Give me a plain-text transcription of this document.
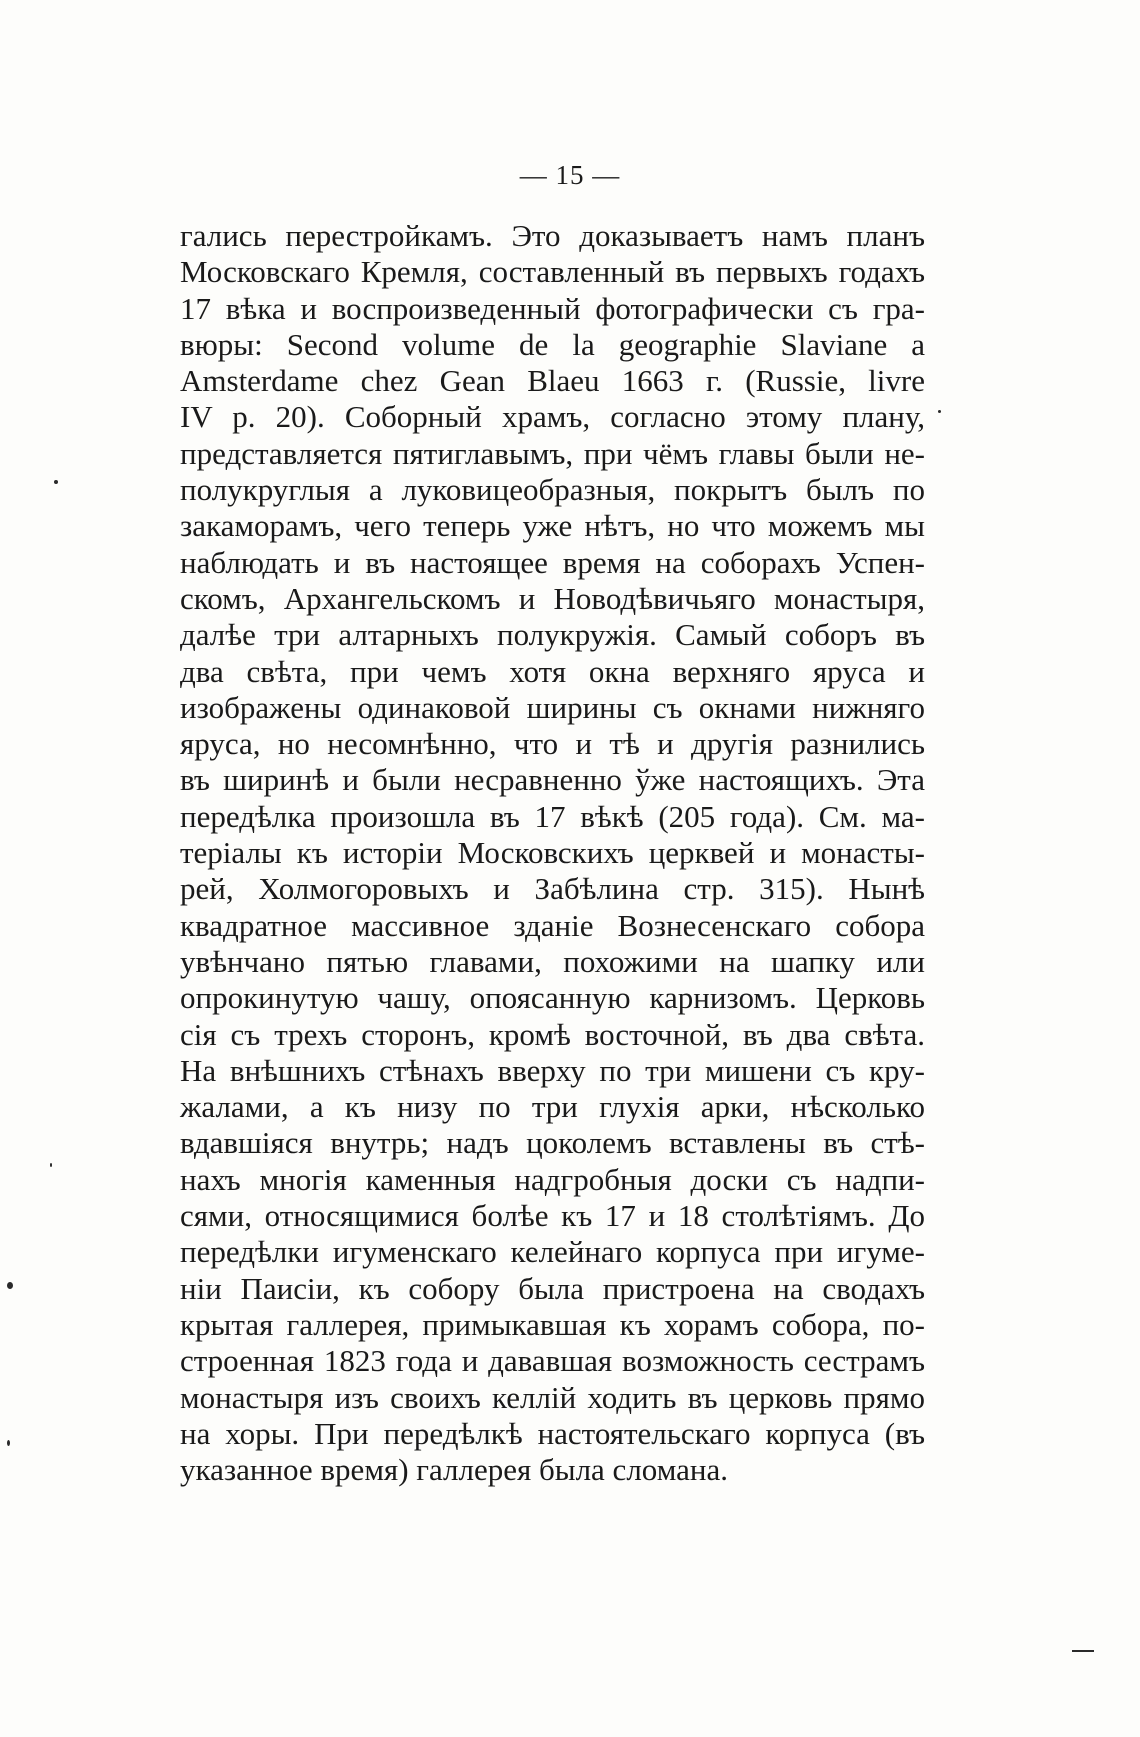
— 15 —
гались перестройкамъ. Это доказываетъ намъ планъ
Московскаго Кремля, составленный въ первыхъ годахъ
17 вѣка и воспроизведенный фотографически съ гра-
вюры: Second volume de la geographie Slaviane a
Amsterdame chez Gean Blaeu 1663 г. (Russie, livre
IV р. 20). Соборный храмъ, согласно этому плану,
представляется пятиглавымъ, при чёмъ главы были не-
полукруглыя а луковицеобразныя, покрытъ былъ по
закаморамъ, чего теперь уже нѣтъ, но что можемъ мы
наблюдать и въ настоящее время на соборахъ Успен-
скомъ, Архангельскомъ и Новодѣвичьяго монастыря,
далѣе три алтарныхъ полукружія. Самый соборъ въ
два свѣта, при чемъ хотя окна верхняго яруса и
изображены одинаковой ширины съ окнами нижняго
яруса, но несомнѣнно, что и тѣ и другія разнились
въ ширинѣ и были несравненно ўже настоящихъ. Эта
передѣлка произошла въ 17 вѣкѣ (205 года). См. ма-
теріалы къ исторіи Московскихъ церквей и монасты-
рей, Холмогоровыхъ и Забѣлина стр. 315). Нынѣ
квадратное массивное зданіе Вознесенскаго собора
увѣнчано пятью главами, похожими на шапку или
опрокинутую чашу, опоясанную карнизомъ. Церковь
сія съ трехъ сторонъ, кромѣ восточной, въ два свѣта.
На внѣшнихъ стѣнахъ вверху по три мишени съ кру-
жалами, а къ низу по три глухія арки, нѣсколько
вдавшіяся внутрь; надъ цоколемъ вставлены въ стѣ-
нахъ многія каменныя надгробныя доски съ надпи-
сями, относящимися болѣе къ 17 и 18 столѣтіямъ. До
передѣлки игуменскаго келейнаго корпуса при игуме-
ніи Паисіи, къ собору была пристроена на сводахъ
крытая галлерея, примыкавшая къ хорамъ собора, по-
строенная 1823 года и дававшая возможность сестрамъ
монастыря изъ своихъ келлій ходить въ церковь прямо
на хоры. При передѣлкѣ настоятельскаго корпуса (въ
указанное время) галлерея была сломана.
